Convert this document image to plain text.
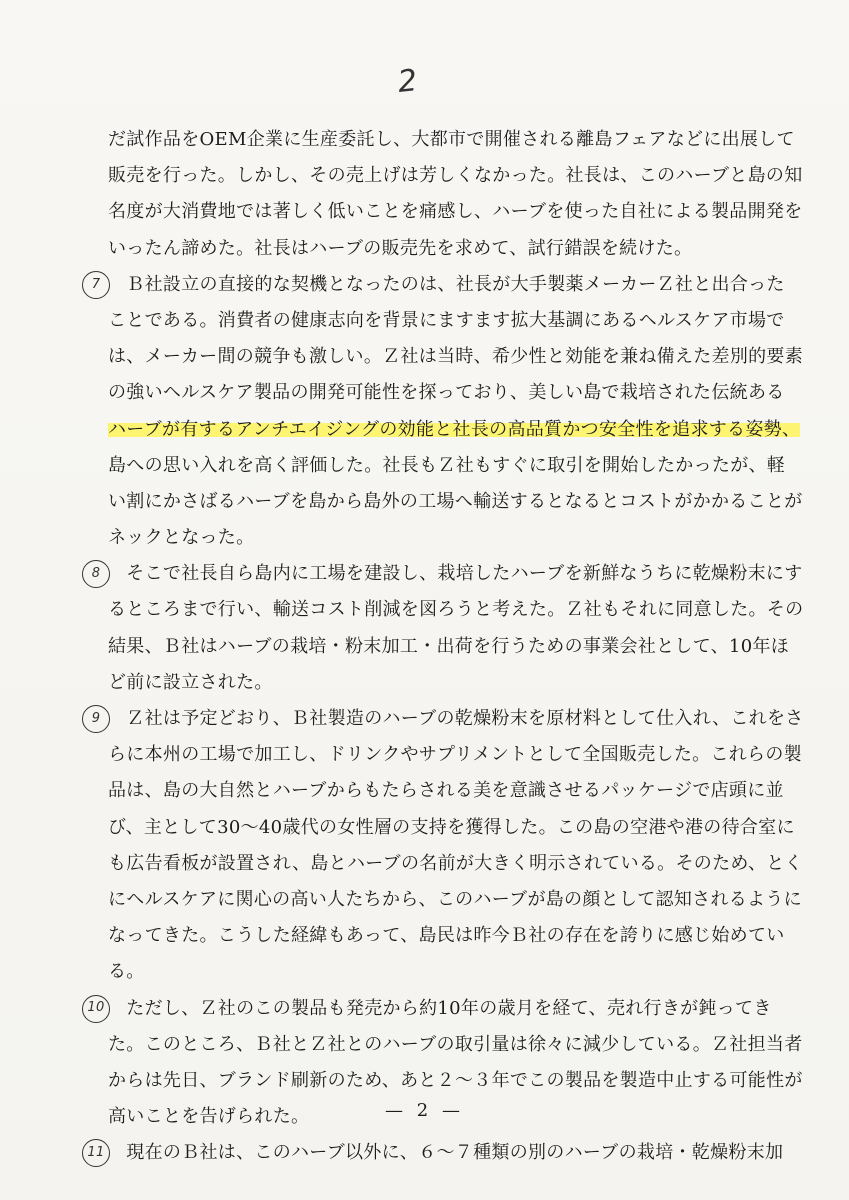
2
だ試作品をOEM企業に生産委託し、大都市で開催される離島フェアなどに出展して
販売を行った。しかし、その売上げは芳しくなかった。社長は、このハーブと島の知
名度が大消費地では著しく低いことを痛感し、ハーブを使った自社による製品開発を
いったん諦めた。社長はハーブの販売先を求めて、試行錯誤を続けた。
7 　Ｂ社設立の直接的な契機となったのは、社長が大手製薬メーカーＺ社と出合った
ことである。消費者の健康志向を背景にますます拡大基調にあるヘルスケア市場で
は、メーカー間の競争も激しい。Ｚ社は当時、希少性と効能を兼ね備えた差別的要素
の強いヘルスケア製品の開発可能性を探っており、美しい島で栽培された伝統ある
ハーブが有するアンチエイジングの効能と社長の高品質かつ安全性を追求する姿勢、
島への思い入れを高く評価した。社長もＺ社もすぐに取引を開始したかったが、軽
い割にかさばるハーブを島から島外の工場へ輸送するとなるとコストがかかることが
ネックとなった。
8 　そこで社長自ら島内に工場を建設し、栽培したハーブを新鮮なうちに乾燥粉末にす
るところまで行い、輸送コスト削減を図ろうと考えた。Ｚ社もそれに同意した。その
結果、Ｂ社はハーブの栽培・粉末加工・出荷を行うための事業会社として、10年ほ
ど前に設立された。
9 　Ｚ社は予定どおり、Ｂ社製造のハーブの乾燥粉末を原材料として仕入れ、これをさ
らに本州の工場で加工し、ドリンクやサプリメントとして全国販売した。これらの製
品は、島の大自然とハーブからもたらされる美を意識させるパッケージで店頭に並
び、主として30～40歳代の女性層の支持を獲得した。この島の空港や港の待合室に
も広告看板が設置され、島とハーブの名前が大きく明示されている。そのため、とく
にヘルスケアに関心の高い人たちから、このハーブが島の顔として認知されるように
なってきた。こうした経緯もあって、島民は昨今Ｂ社の存在を誇りに感じ始めてい
る。
10 　ただし、Ｚ社のこの製品も発売から約10年の歳月を経て、売れ行きが鈍ってき
た。このところ、Ｂ社とＺ社とのハーブの取引量は徐々に減少している。Ｚ社担当者
からは先日、ブランド刷新のため、あと２～３年でこの製品を製造中止する可能性が
高いことを告げられた。
11 　現在のＢ社は、このハーブ以外に、６～７種類の別のハーブの栽培・乾燥粉末加
— 2 —
